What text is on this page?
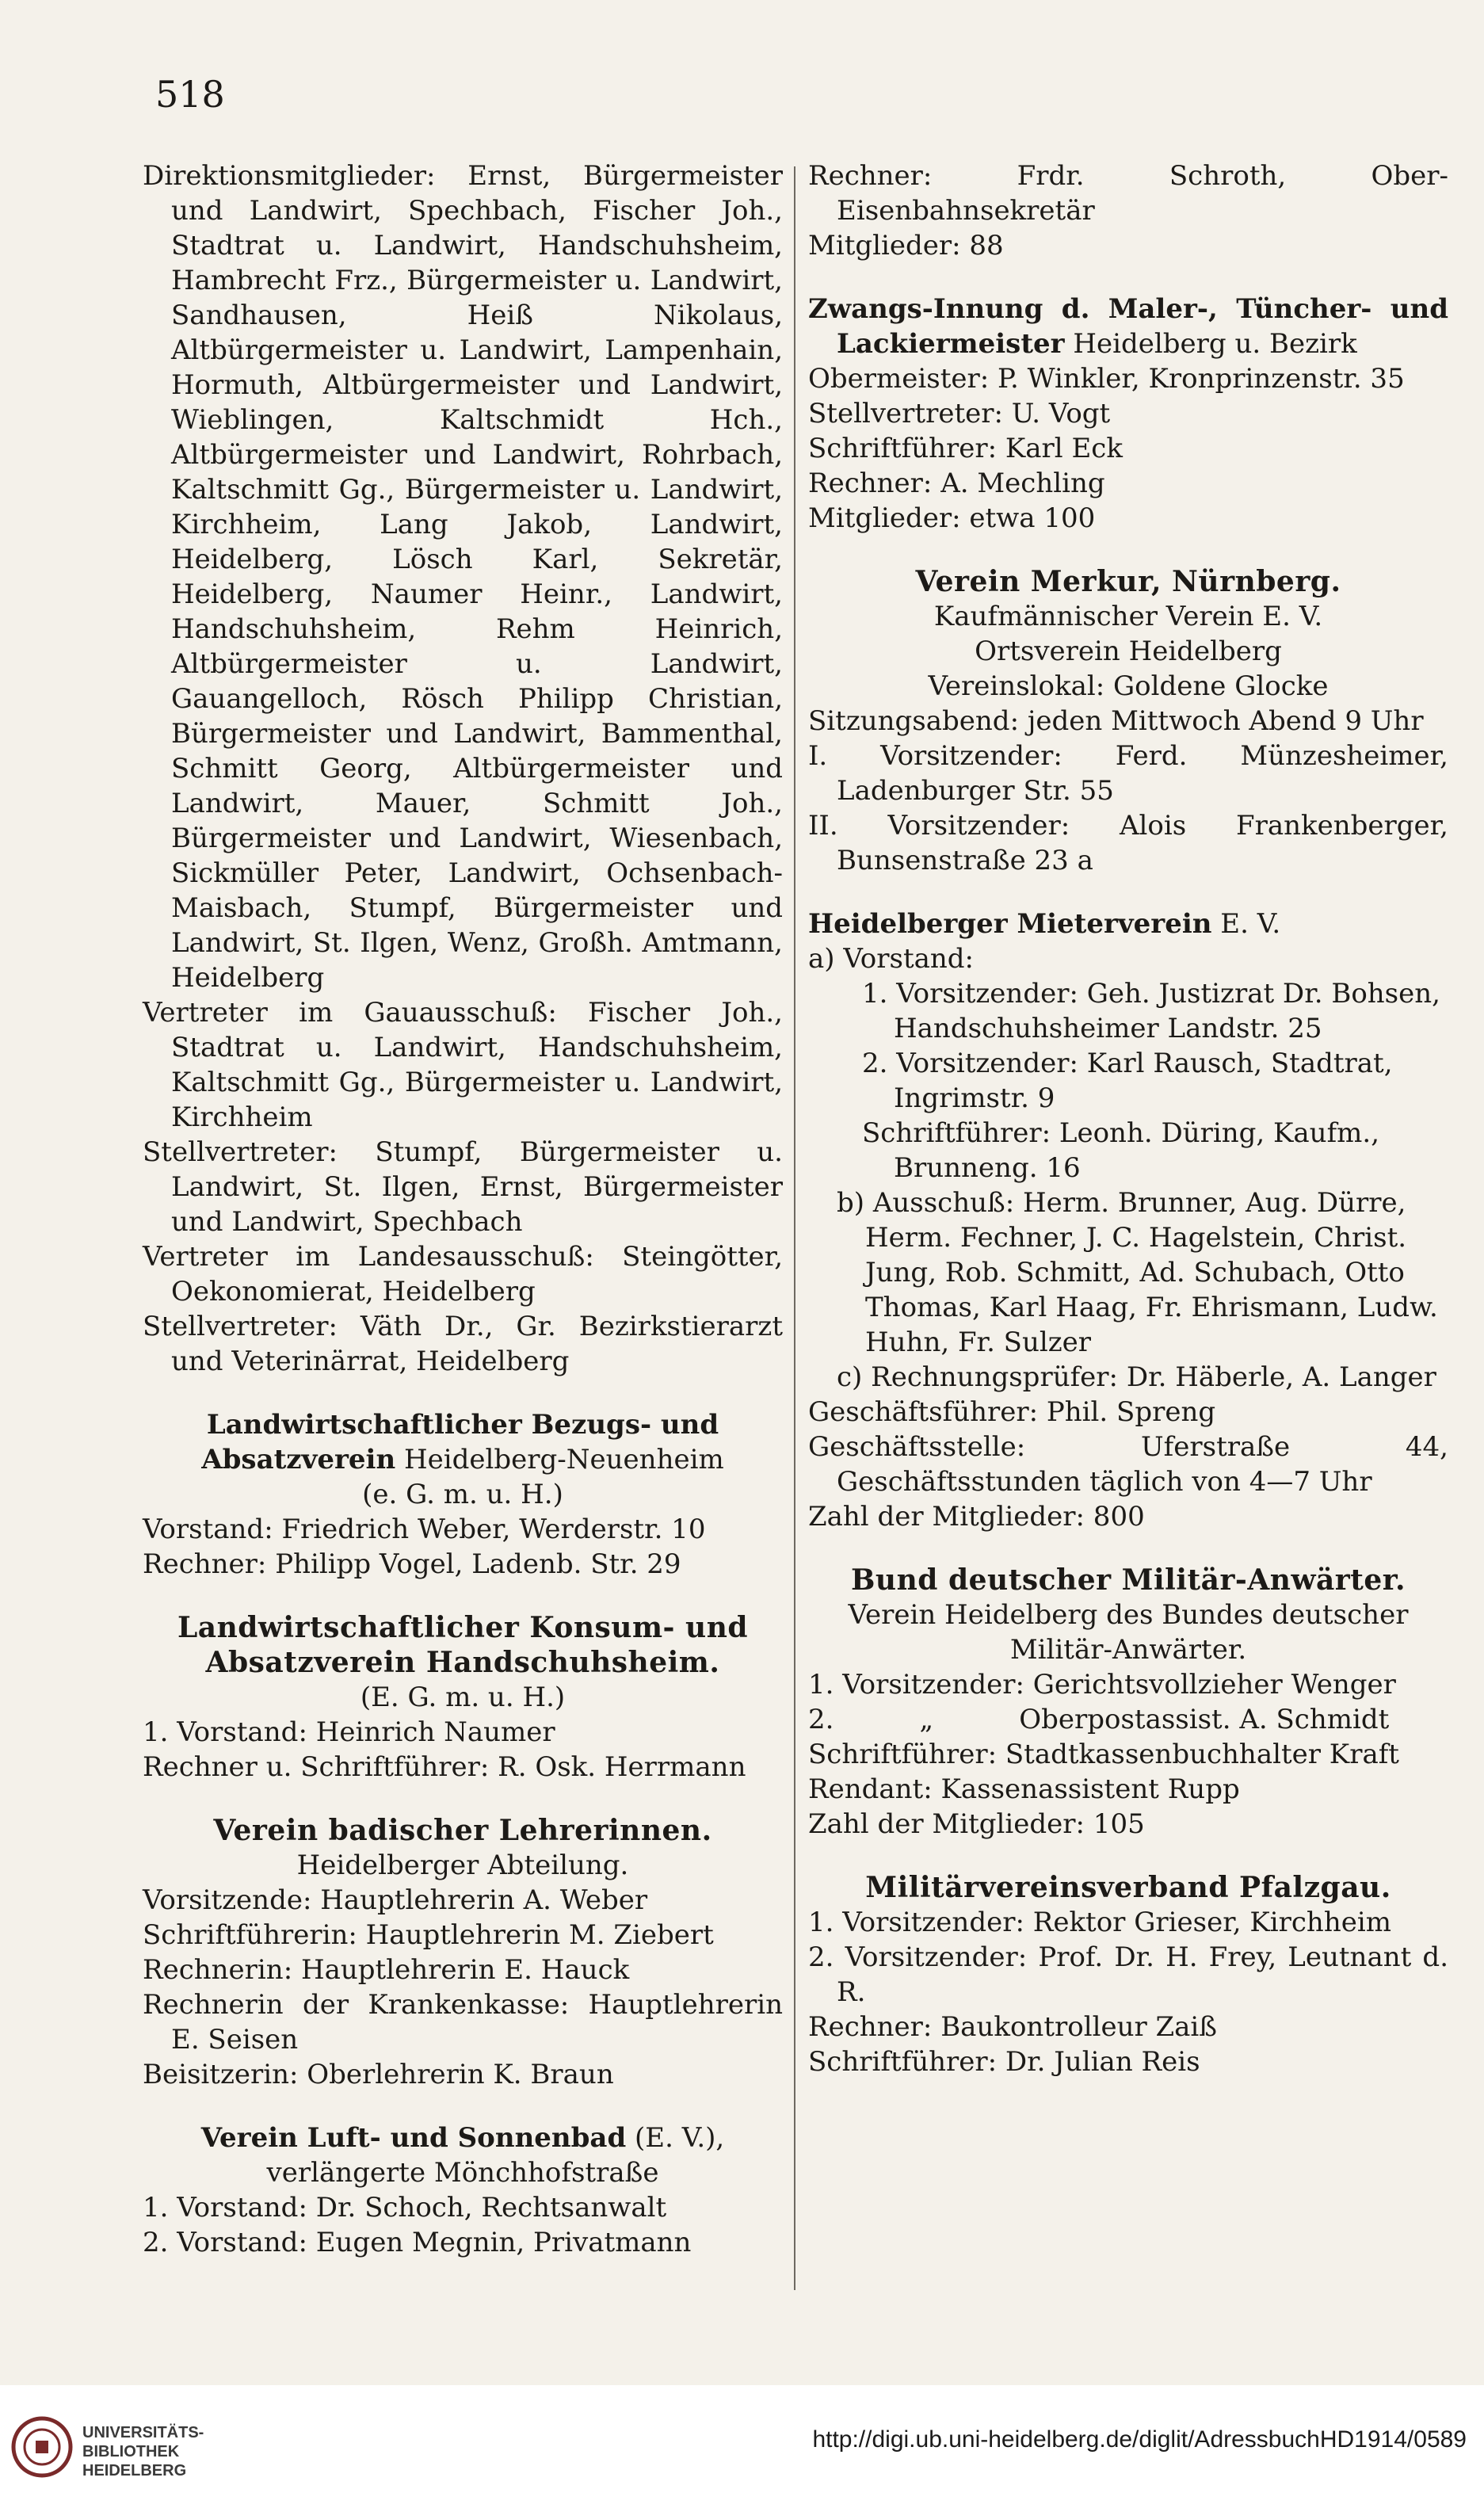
518

Direktionsmitglieder: Ernst, Bürgermeister und Landwirt, Spechbach, Fischer Joh., Stadtrat u. Landwirt, Handschuhsheim, Hambrecht Frz., Bürgermeister u. Landwirt, Sandhausen, Heiß Nikolaus, Altbürgermeister u. Landwirt, Lampenhain, Hormuth, Altbürgermeister und Landwirt, Wieblingen, Kaltschmidt Hch., Altbürgermeister und Landwirt, Rohrbach, Kaltschmitt Gg., Bürgermeister u. Landwirt, Kirchheim, Lang Jakob, Landwirt, Heidelberg, Lösch Karl, Sekretär, Heidelberg, Naumer Heinr., Landwirt, Handschuhsheim, Rehm Heinrich, Altbürgermeister u. Landwirt, Gauangelloch, Rösch Philipp Christian, Bürgermeister und Landwirt, Bammenthal, Schmitt Georg, Altbürgermeister und Landwirt, Mauer, Schmitt Joh., Bürgermeister und Landwirt, Wiesenbach, Sickmüller Peter, Landwirt, Ochsenbach-Maisbach, Stumpf, Bürgermeister und Landwirt, St. Ilgen, Wenz, Großh. Amtmann, Heidelberg

Vertreter im Gauausschuß: Fischer Joh., Stadtrat u. Landwirt, Handschuhsheim, Kaltschmitt Gg., Bürgermeister u. Landwirt, Kirchheim

Stellvertreter: Stumpf, Bürgermeister u. Landwirt, St. Ilgen, Ernst, Bürgermeister und Landwirt, Spechbach

Vertreter im Landesausschuß: Steingötter, Oekonomierat, Heidelberg

Stellvertreter: Väth Dr., Gr. Bezirkstierarzt und Veterinärrat, Heidelberg

Landwirtschaftlicher Bezugs- und Absatzverein Heidelberg-Neuenheim

(e. G. m. u. H.)

Vorstand: Friedrich Weber, Werderstr. 10

Rechner: Philipp Vogel, Ladenb. Str. 29

Landwirtschaftlicher Konsum- und Absatzverein Handschuhsheim.

(E. G. m. u. H.)

1. Vorstand: Heinrich Naumer

Rechner u. Schriftführer: R. Osk. Herrmann

Verein badischer Lehrerinnen.

Heidelberger Abteilung.

Vorsitzende: Hauptlehrerin A. Weber

Schriftführerin: Hauptlehrerin M. Ziebert

Rechnerin: Hauptlehrerin E. Hauck

Rechnerin der Krankenkasse: Hauptlehrerin E. Seisen

Beisitzerin: Oberlehrerin K. Braun

Verein Luft- und Sonnenbad (E. V.),

verlängerte Mönchhofstraße

1. Vorstand: Dr. Schoch, Rechtsanwalt

2. Vorstand: Eugen Megnin, Privatmann

Rechner: Frdr. Schroth, Ober-Eisenbahnsekretär

Mitglieder: 88

Zwangs-Innung d. Maler-, Tüncher- und Lackiermeister Heidelberg u. Bezirk

Obermeister: P. Winkler, Kronprinzenstr. 35

Stellvertreter: U. Vogt

Schriftführer: Karl Eck

Rechner: A. Mechling

Mitglieder: etwa 100

Verein Merkur, Nürnberg.

Kaufmännischer Verein E. V.

Ortsverein Heidelberg

Vereinslokal: Goldene Glocke

Sitzungsabend: jeden Mittwoch Abend 9 Uhr

I. Vorsitzender: Ferd. Münzesheimer, Ladenburger Str. 55

II. Vorsitzender: Alois Frankenberger, Bunsenstraße 23 a

Heidelberger Mieterverein E. V.

a) Vorstand:

1. Vorsitzender: Geh. Justizrat Dr. Bohsen, Handschuhsheimer Landstr. 25

2. Vorsitzender: Karl Rausch, Stadtrat, Ingrimstr. 9

Schriftführer: Leonh. Düring, Kaufm., Brunneng. 16

b) Ausschuß: Herm. Brunner, Aug. Dürre, Herm. Fechner, J. C. Hagelstein, Christ. Jung, Rob. Schmitt, Ad. Schubach, Otto Thomas, Karl Haag, Fr. Ehrismann, Ludw. Huhn, Fr. Sulzer

c) Rechnungsprüfer: Dr. Häberle, A. Langer

Geschäftsführer: Phil. Spreng

Geschäftsstelle: Uferstraße 44, Geschäftsstunden täglich von 4—7 Uhr

Zahl der Mitglieder: 800

Bund deutscher Militär-Anwärter.

Verein Heidelberg des Bundes deutscher Militär-Anwärter.

1. Vorsitzender: Gerichtsvollzieher Wenger

2.          „          Oberpostassist. A. Schmidt

Schriftführer: Stadtkassenbuchhalter Kraft

Rendant: Kassenassistent Rupp

Zahl der Mitglieder: 105

Militärvereinsverband Pfalzgau.

1. Vorsitzender: Rektor Grieser, Kirchheim

2. Vorsitzender: Prof. Dr. H. Frey, Leutnant d. R.

Rechner: Baukontrolleur Zaiß

Schriftführer: Dr. Julian Reis

UNIVERSITÄTS-
BIBLIOTHEK
HEIDELBERG
http://digi.ub.uni-heidelberg.de/diglit/AdressbuchHD1914/0589
